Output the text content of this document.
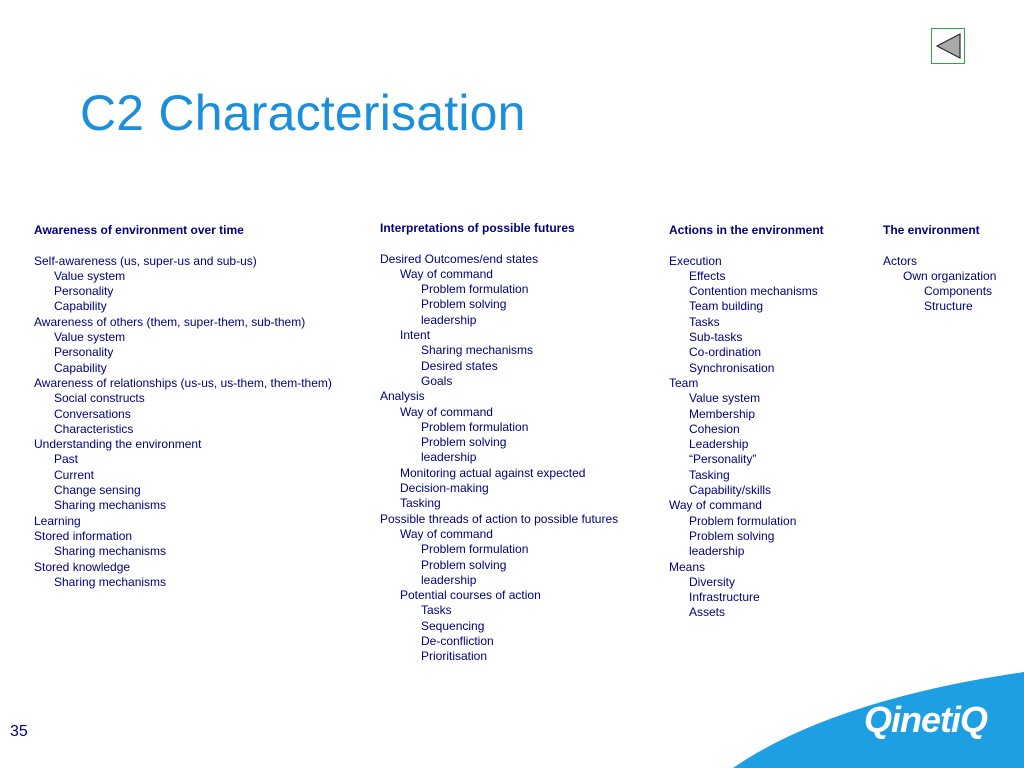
C2 Characterisation
Awareness of environment over time
Self-awareness (us, super-us and sub-us)
Value system
Personality
Capability
Awareness of others (them, super-them, sub-them)
Value system
Personality
Capability
Awareness of relationships (us-us, us-them, them-them)
Social constructs
Conversations
Characteristics
Understanding the environment
Past
Current
Change sensing
Sharing mechanisms
Learning
Stored information
Sharing mechanisms
Stored knowledge
Sharing mechanisms
Interpretations of possible futures
Desired Outcomes/end states
Way of command
Problem formulation
Problem solving
leadership
Intent
Sharing mechanisms
Desired states
Goals
Analysis
Way of command
Problem formulation
Problem solving
leadership
Monitoring actual against expected
Decision-making
Tasking
Possible threads of action to possible futures
Way of command
Problem formulation
Problem solving
leadership
Potential courses of action
Tasks
Sequencing
De-confliction
Prioritisation
Actions in the environment
Execution
Effects
Contention mechanisms
Team building
Tasks
Sub-tasks
Co-ordination
Synchronisation
Team
Value system
Membership
Cohesion
Leadership
“Personality”
Tasking
Capability/skills
Way of command
Problem formulation
Problem solving
leadership
Means
Diversity
Infrastructure
Assets
The environment
Actors
Own organization
Components
Structure
QinetiQ
35
